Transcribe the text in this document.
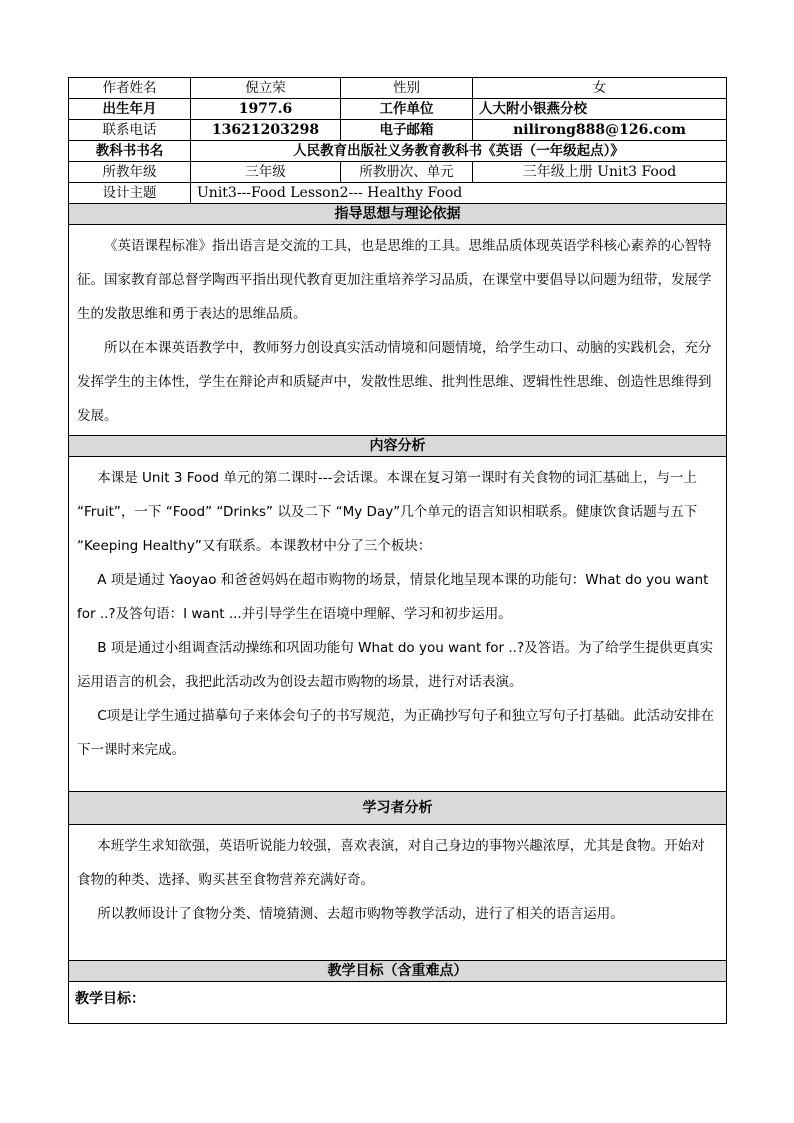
作者姓名	倪立荣	性别	女
出生年月	1977.6	工作单位	人大附小银燕分校
联系电话	13621203298	电子邮箱	nilirong888@126.com
教科书书名	人民教育出版社义务教育教科书《英语（一年级起点）》		
所教年级	三年级	所教册次、单元	三年级上册 Unit3 Food
设计主题	Unit3---Food Lesson2--- Healthy Food		
指导思想与理论依据			

《英语课程标准》指出语言是交流的工具，也是思维的工具。思维品质体现英语学科核心素养的心智特征。国家教育部总督学陶西平指出现代教育更加注重培养学习品质，在课堂中要倡导以问题为纽带，发展学生的发散思维和勇于表达的思维品质。

所以在本课英语教学中，教师努力创设真实活动情境和问题情境，给学生动口、动脑的实践机会，充分发挥学生的主体性，学生在辩论声和质疑声中，发散性思维、批判性思维、逻辑性性思维、创造性思维得到发展。			

内容分析			

本课是 Unit 3 Food 单元的第二课时---会话课。本课在复习第一课时有关食物的词汇基础上，与一上 “Fruit”，一下 “Food” “Drinks” 以及二下 “My Day”几个单元的语言知识相联系。健康饮食话题与五下 “Keeping Healthy”又有联系。本课教材中分了三个板块：

A 项是通过 Yaoyao 和爸爸妈妈在超市购物的场景，情景化地呈现本课的功能句：What do you want for ..?及答句语：I want ...并引导学生在语境中理解、学习和初步运用。

B 项是通过小组调查活动操练和巩固功能句 What do you want for ..?及答语。为了给学生提供更真实运用语言的机会，我把此活动改为创设去超市购物的场景，进行对话表演。

C项是让学生通过描摹句子来体会句子的书写规范，为正确抄写句子和独立写句子打基础。此活动安排在下一课时来完成。			

学习者分析			

本班学生求知欲强，英语听说能力较强，喜欢表演，对自己身边的事物兴趣浓厚，尤其是食物。开始对食物的种类、选择、购买甚至食物营养充满好奇。

所以教师设计了食物分类、情境猜测、去超市购物等教学活动，进行了相关的语言运用。			

教学目标（含重难点）			
教学目标：			
